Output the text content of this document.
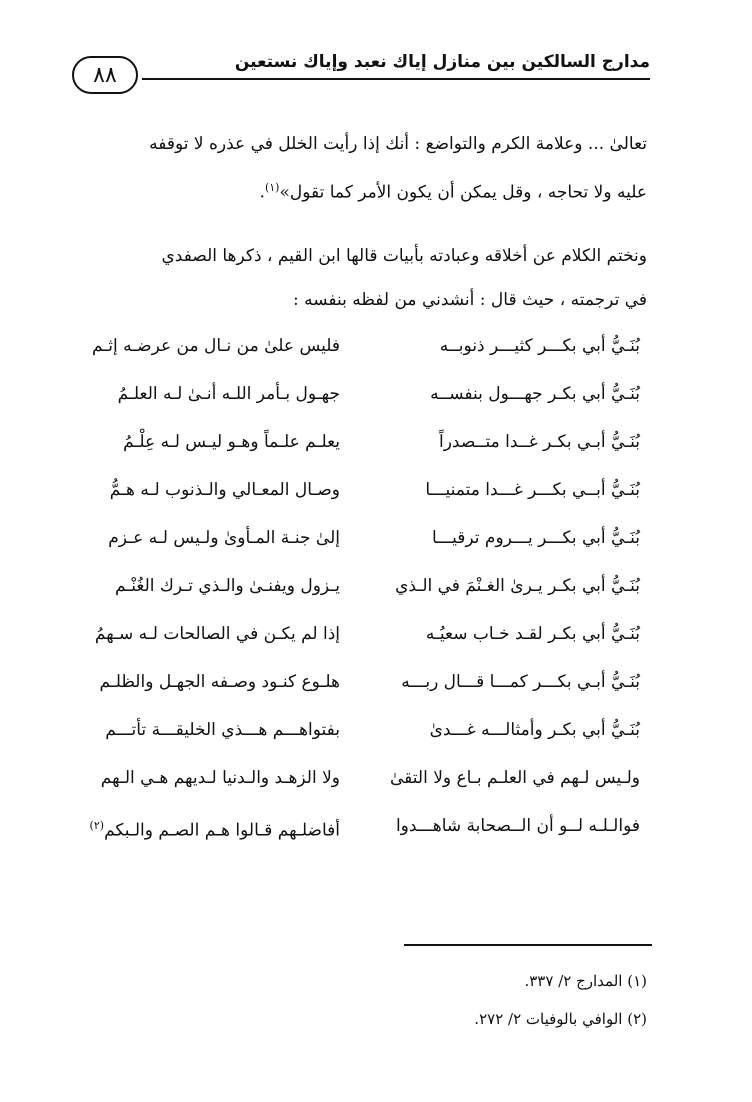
مدارج السالكين بين منازل إياك نعبد وإياك نستعين
٨٨
تعالىٰ ... وعلامة الكرم والتواضع : أنك إذا رأيت الخلل في عذره لا توقفه
عليه ولا تحاجه ، وقل يمكن أن يكون الأمر كما تقول»$^{(١)}$.
ونختم الكلام عن أخلاقه وعبادته بأبيات قالها ابن القيم ، ذكرها الصفدي
في ترجمته ، حيث قال : أنشدني من لفظه بنفسه :
بُنَـيُّ أبي بكـــر كثيـــر ذنوبــه
فليس علىٰ من نـال من عرضـه إثـم
بُنَـيُّ أبي بكـر جهـــول بنفســه
جهـول بـأمر اللـه أنـىٰ لـه العلـمُ
بُنَـيُّ أبـي بكـر غــدا متــصدراً
يعلـم علـماً وهـو ليـس لـه عِلْـمُ
بُنَـيُّ أبــي بكـــر غـــدا متمنيـــا
وصـال المعـالي والـذنوب لـه هـمُّ
بُنَـيُّ أبي بكـــر يـــروم ترقيـــا
إلىٰ جنـة المـأوىٰ ولـيس لـه عـزم
بُنَـيُّ أبي بكـر يـرىٰ الغـنْمَ في الـذي
يـزول ويفنـىٰ والـذي تـرك الغُنْـم
بُنَـيُّ أبي بكـر لقـد خـاب سعيُـه
إذا لم يكـن في الصالحات لـه سـهمُ
بُنَـيُّ أبـي بكـــر كمـــا قـــال ربـــه
هلـوع كنـود وصـفه الجهـل والظلـم
بُنَـيُّ أبي بكـر وأمثالـــه غـــدىٰ
بفتواهـــم هـــذي الخليقـــة تأتـــم
ولـيس لـهم في العلـم بـاع ولا التقىٰ
ولا الزهـد والـدنيا لـديهم هـي الـهم
فوالـلـه لــو أن الــصحابة شاهـــدوا
أفاضلـهم قـالوا هـم الصـم والـبكم$^{(٢)}$
(١) المدارج ٢/ ٣٣٧.
(٢) الوافي بالوفيات ٢/ ٢٧٢.
